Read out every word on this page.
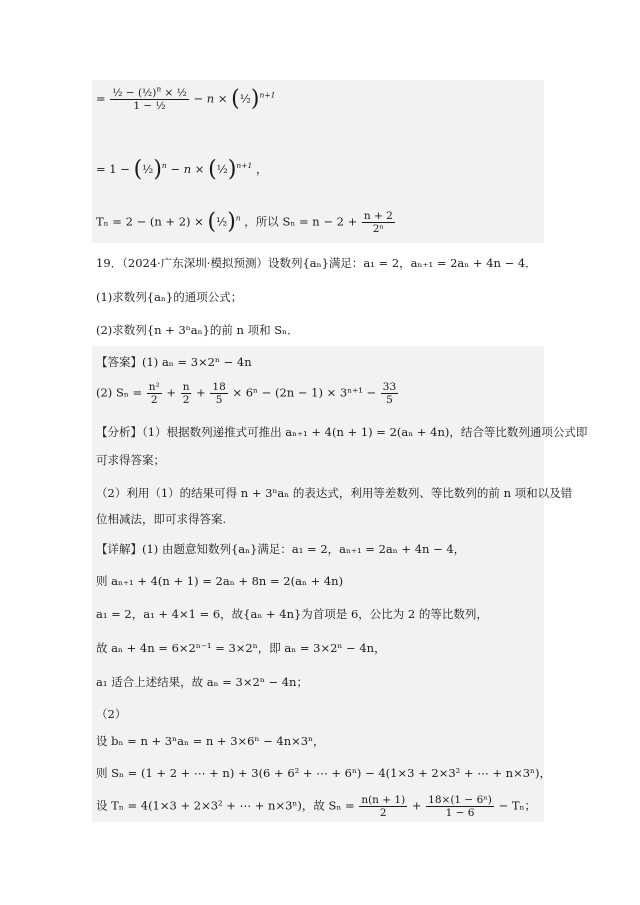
= $\frac{\frac{1}{2} - (\frac{1}{2})^n \times \frac{1}{2}}{\text{1 − ½}} - n$ × (½)$^{n+1}$
= 1 − (½)$^n$ − n × (½)$^{n+1}$ ，
Tₙ = 2 − (n + 2) × (½)$^n$ ，所以 $S_n = n - 2 + \frac{n + 2}{\text{2ⁿ}}$
19．（2024·广东深圳·模拟预测）设数列{aₙ}满足：a₁ = 2，aₙ₊₁ = 2aₙ + 4n − 4．
(1)求数列{aₙ}的通项公式；
(2)求数列{n + 3ⁿaₙ}的前 n 项和 Sₙ．
【答案】(1) aₙ = 3×2ⁿ − 4n
(2) $S_n = \frac{\text{n²}}{2} + \frac{n}{2} + \frac{18}{5} \times 6^n - (2n - 1) \times 3^{n+1} - \frac{33}{5}$
【分析】（1）根据数列递推式可推出 aₙ₊₁ + 4(n + 1) = 2(aₙ + 4n)，结合等比数列通项公式即
可求得答案；
（2）利用（1）的结果可得 n + 3ⁿaₙ 的表达式，利用等差数列、等比数列的前 n 项和以及错
位相减法，即可求得答案.
【详解】(1) 由题意知数列{aₙ}满足：a₁ = 2，aₙ₊₁ = 2aₙ + 4n − 4，
则 aₙ₊₁ + 4(n + 1) = 2aₙ + 8n = 2(aₙ + 4n)
a₁ = 2，a₁ + 4×1 = 6，故{aₙ + 4n}为首项是 6，公比为 2 的等比数列，
故 aₙ + 4n = 6×2ⁿ⁻¹ = 3×2ⁿ，即 aₙ = 3×2ⁿ − 4n，
a₁ 适合上述结果，故 aₙ = 3×2ⁿ − 4n；
（2）
设 bₙ = n + 3ⁿaₙ = n + 3×6ⁿ − 4n×3ⁿ，
则 Sₙ = (1 + 2 + ⋯ + n) + 3(6 + 6² + ⋯ + 6ⁿ) − 4(1×3 + 2×3² + ⋯ + n×3ⁿ)，
设 Tₙ = 4(1×3 + 2×3² + ⋯ + n×3ⁿ)，故 $S_n = \frac{n(n + 1)}{2} + \frac{\text{18×(1 − 6ⁿ)}}{1 - 6} - T_n$；
